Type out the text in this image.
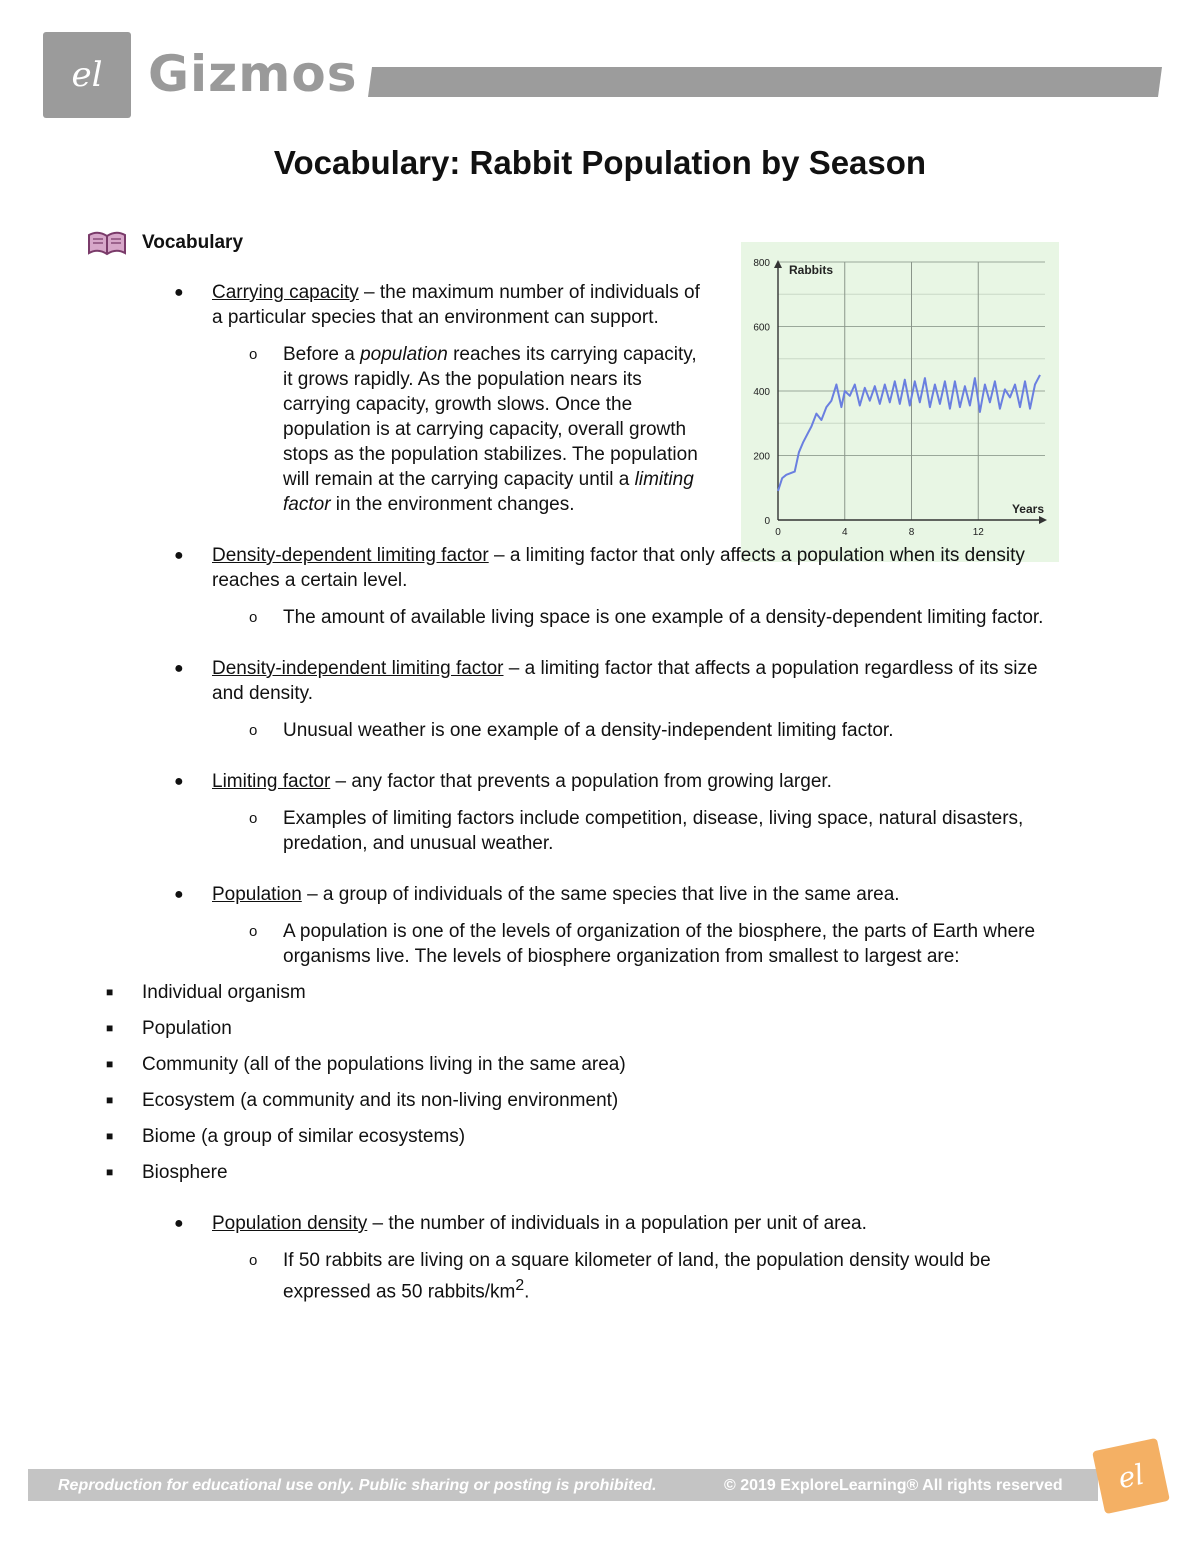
el Gizmos
Vocabulary: Rabbit Population by Season
Vocabulary
Rabbits
Years
0
200
400
600
800
0	4	8	12
● Carrying capacity – the maximum number of individuals of a particular species that an environment can support.
o Before a population reaches its carrying capacity, it grows rapidly. As the population nears its carrying capacity, growth slows. Once the population is at carrying capacity, overall growth stops as the population stabilizes. The population will remain at the carrying capacity until a limiting factor in the environment changes.
● Density-dependent limiting factor – a limiting factor that only affects a population when its density reaches a certain level.
o The amount of available living space is one example of a density-dependent limiting factor.
● Density-independent limiting factor – a limiting factor that affects a population regardless of its size and density.
o Unusual weather is one example of a density-independent limiting factor.
● Limiting factor – any factor that prevents a population from growing larger.
o Examples of limiting factors include competition, disease, living space, natural disasters, predation, and unusual weather.
● Population – a group of individuals of the same species that live in the same area.
o A population is one of the levels of organization of the biosphere, the parts of Earth where organisms live. The levels of biosphere organization from smallest to largest are:
■ Individual organism
■ Population
■ Community (all of the populations living in the same area)
■ Ecosystem (a community and its non-living environment)
■ Biome (a group of similar ecosystems)
■ Biosphere
● Population density – the number of individuals in a population per unit of area.
o If 50 rabbits are living on a square kilometer of land, the population density would be expressed as 50 rabbits/$km^2$.
Reproduction for educational use only. Public sharing or posting is prohibited.	© 2019 ExploreLearning® All rights reserved el
